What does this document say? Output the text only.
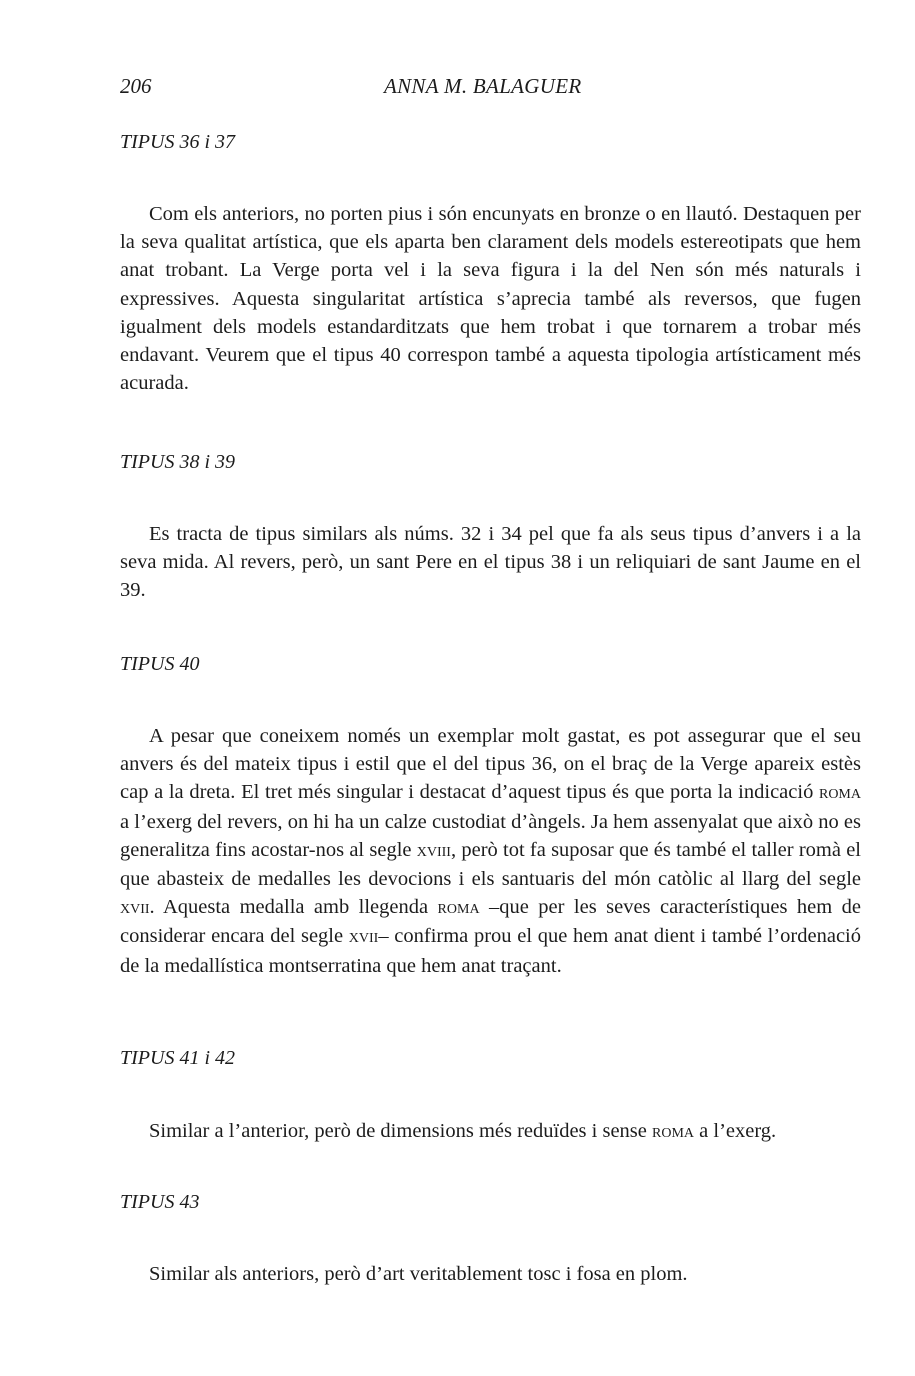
206	ANNA M. BALAGUER
TIPUS 36 i 37

Com els anteriors, no porten pius i són encunyats en bronze o en llautó. Destaquen per la seva qualitat artística, que els aparta ben clarament dels models estereotipats que hem anat trobant. La Verge porta vel i la seva figura i la del Nen són més naturals i expressives. Aquesta singularitat artística s’aprecia també als reversos, que fugen igualment dels models estandarditzats que hem trobat i que tornarem a trobar més endavant. Veurem que el tipus 40 correspon també a aquesta tipologia artísticament més acurada.

TIPUS 38 i 39

Es tracta de tipus similars als núms. 32 i 34 pel que fa als seus tipus d’anvers i a la seva mida. Al revers, però, un sant Pere en el tipus 38 i un reliquiari de sant Jaume en el 39.

TIPUS 40

A pesar que coneixem només un exemplar molt gastat, es pot assegurar que el seu anvers és del mateix tipus i estil que el del tipus 36, on el braç de la Verge apareix estès cap a la dreta. El tret més singular i destacat d’aquest tipus és que porta la indicació roma a l’exerg del revers, on hi ha un calze custodiat d’àngels. Ja hem assenyalat que això no es generalitza fins acostar-nos al segle xviii, però tot fa suposar que és també el taller romà el que abasteix de medalles les devocions i els santuaris del món catòlic al llarg del segle xvii. Aquesta medalla amb llegenda roma –que per les seves característiques hem de considerar encara del segle xvii– confirma prou el que hem anat dient i també l’ordenació de la medallística montserratina que hem anat traçant.

TIPUS 41 i 42

Similar a l’anterior, però de dimensions més reduïdes i sense roma a l’exerg.

TIPUS 43

Similar als anteriors, però d’art veritablement tosc i fosa en plom.
